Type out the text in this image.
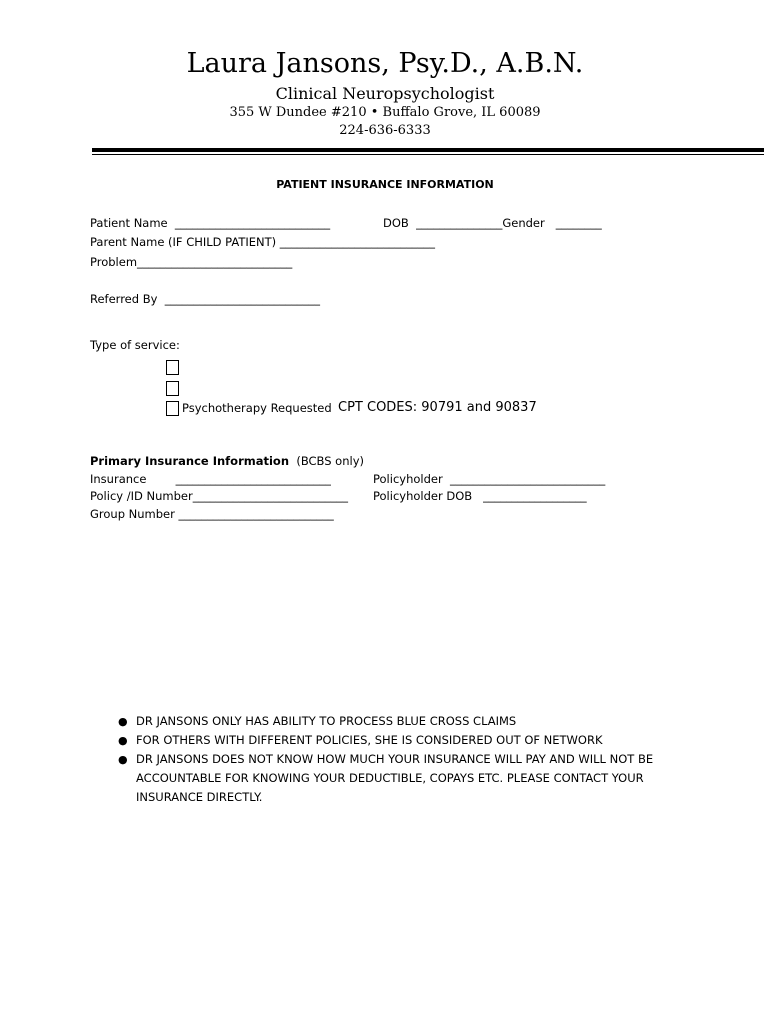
Laura Jansons, Psy.D., A.B.N.
Clinical Neuropsychologist
355 W Dundee #210 • Buffalo Grove, IL 60089
224-636-6333
PATIENT INSURANCE INFORMATION
Patient Name  ___________________________	DOB  _______________Gender   ________
Parent Name (IF CHILD PATIENT) ___________________________
Problem___________________________
Referred By  ___________________________
Type of service:
Psychotherapy Requested CPT CODES: 90791 and 90837
Primary Insurance Information  (BCBS only)
Insurance        ___________________________	Policyholder  ___________________________
Policy /ID Number___________________________ Policyholder DOB   __________________
Group Number ___________________________
● DR JANSONS ONLY HAS ABILITY TO PROCESS BLUE CROSS CLAIMS
● FOR OTHERS WITH DIFFERENT POLICIES, SHE IS CONSIDERED OUT OF NETWORK
● DR JANSONS DOES NOT KNOW HOW MUCH YOUR INSURANCE WILL PAY AND WILL NOT BE ACCOUNTABLE FOR KNOWING YOUR DEDUCTIBLE, COPAYS ETC. PLEASE CONTACT YOUR INSURANCE DIRECTLY.
